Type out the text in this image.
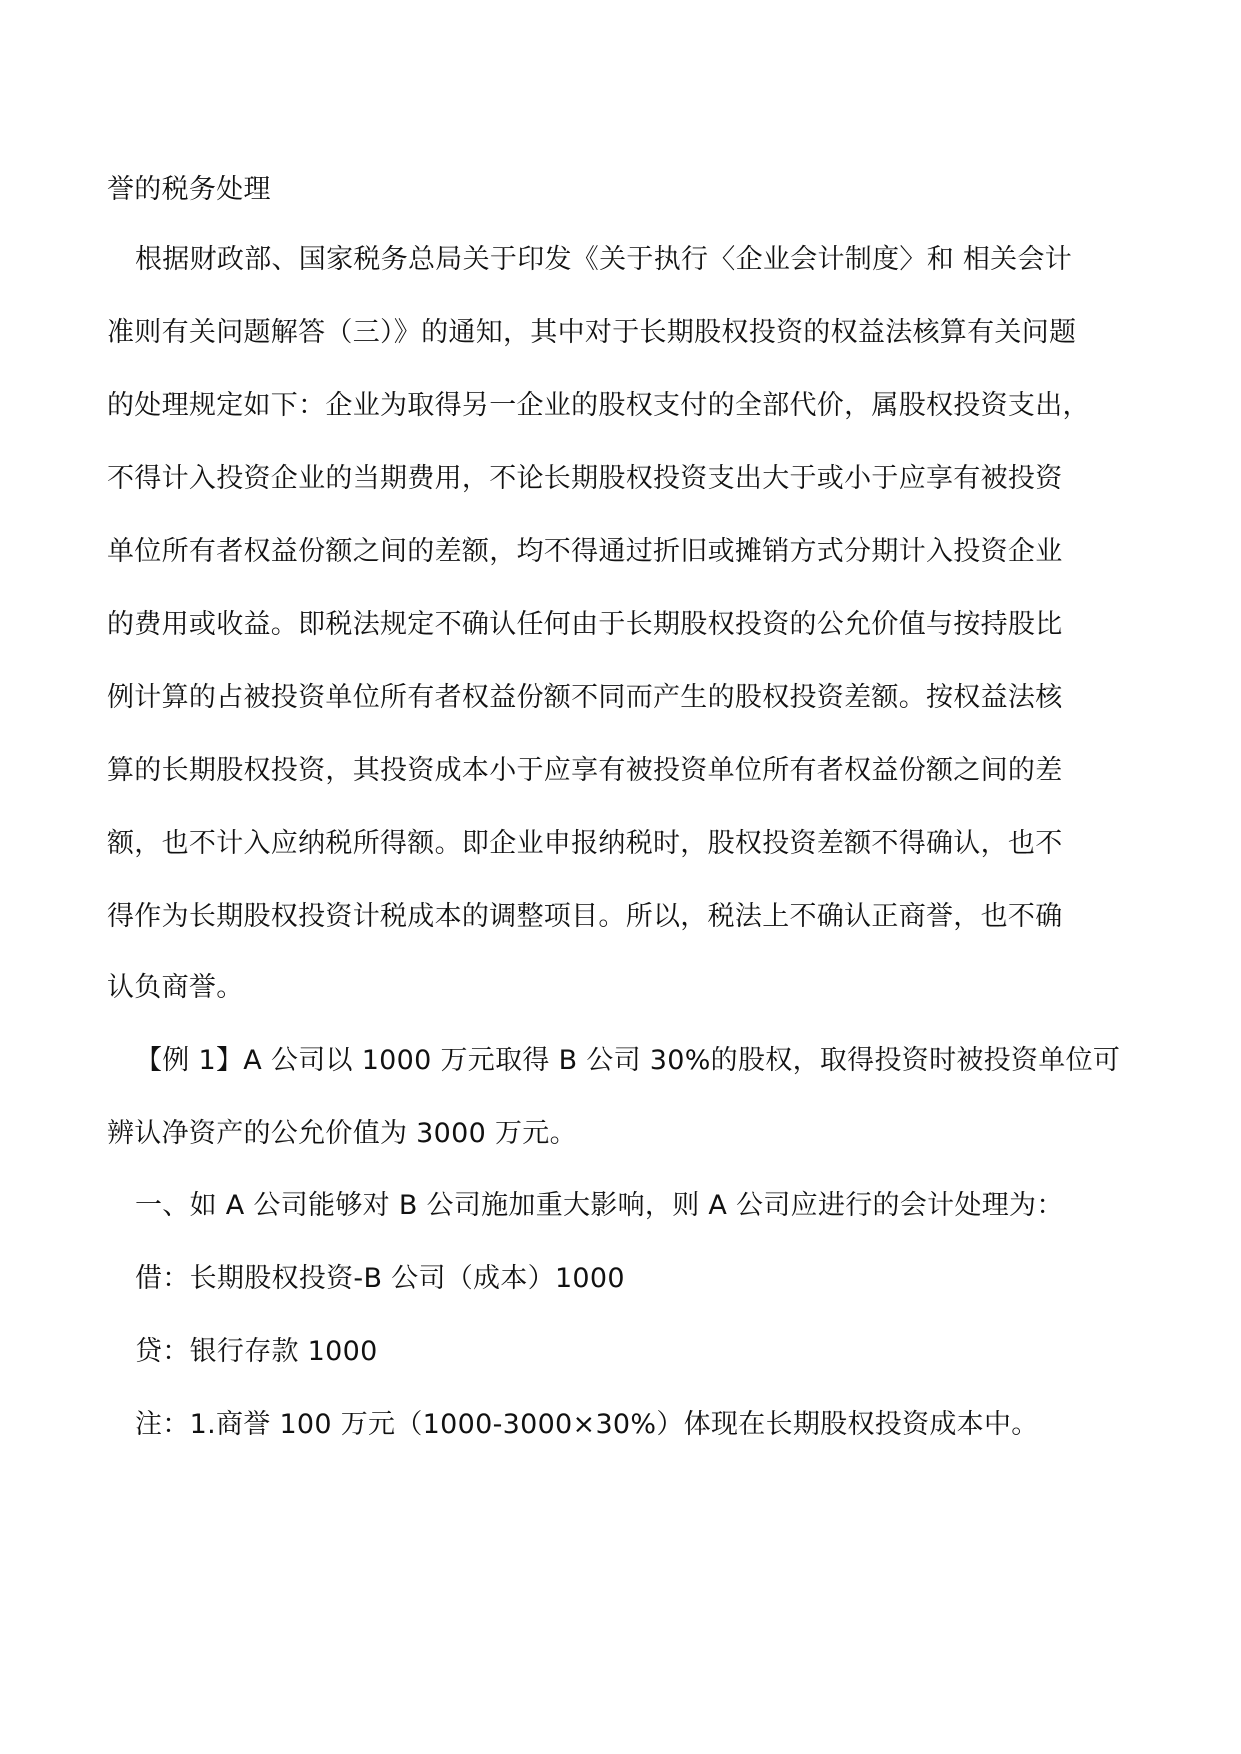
誉的税务处理
根据财政部、国家税务总局关于印发《关于执行〈企业会计制度〉和 相关会计
准则有关问题解答（三）》的通知，其中对于长期股权投资的权益法核算有关问题
的处理规定如下：企业为取得另一企业的股权支付的全部代价，属股权投资支出，
不得计入投资企业的当期费用，不论长期股权投资支出大于或小于应享有被投资
单位所有者权益份额之间的差额，均不得通过折旧或摊销方式分期计入投资企业
的费用或收益。即税法规定不确认任何由于长期股权投资的公允价值与按持股比
例计算的占被投资单位所有者权益份额不同而产生的股权投资差额。按权益法核
算的长期股权投资，其投资成本小于应享有被投资单位所有者权益份额之间的差
额，也不计入应纳税所得额。即企业申报纳税时，股权投资差额不得确认，也不
得作为长期股权投资计税成本的调整项目。所以，税法上不确认正商誉，也不确
认负商誉。
【例 1】A 公司以 1000 万元取得 B 公司 30%的股权，取得投资时被投资单位可
辨认净资产的公允价值为 3000 万元。
一、如 A 公司能够对 B 公司施加重大影响，则 A 公司应进行的会计处理为：
借：长期股权投资-B 公司（成本）1000
贷：银行存款 1000
注：1.商誉 100 万元（1000-3000×30%）体现在长期股权投资成本中。
